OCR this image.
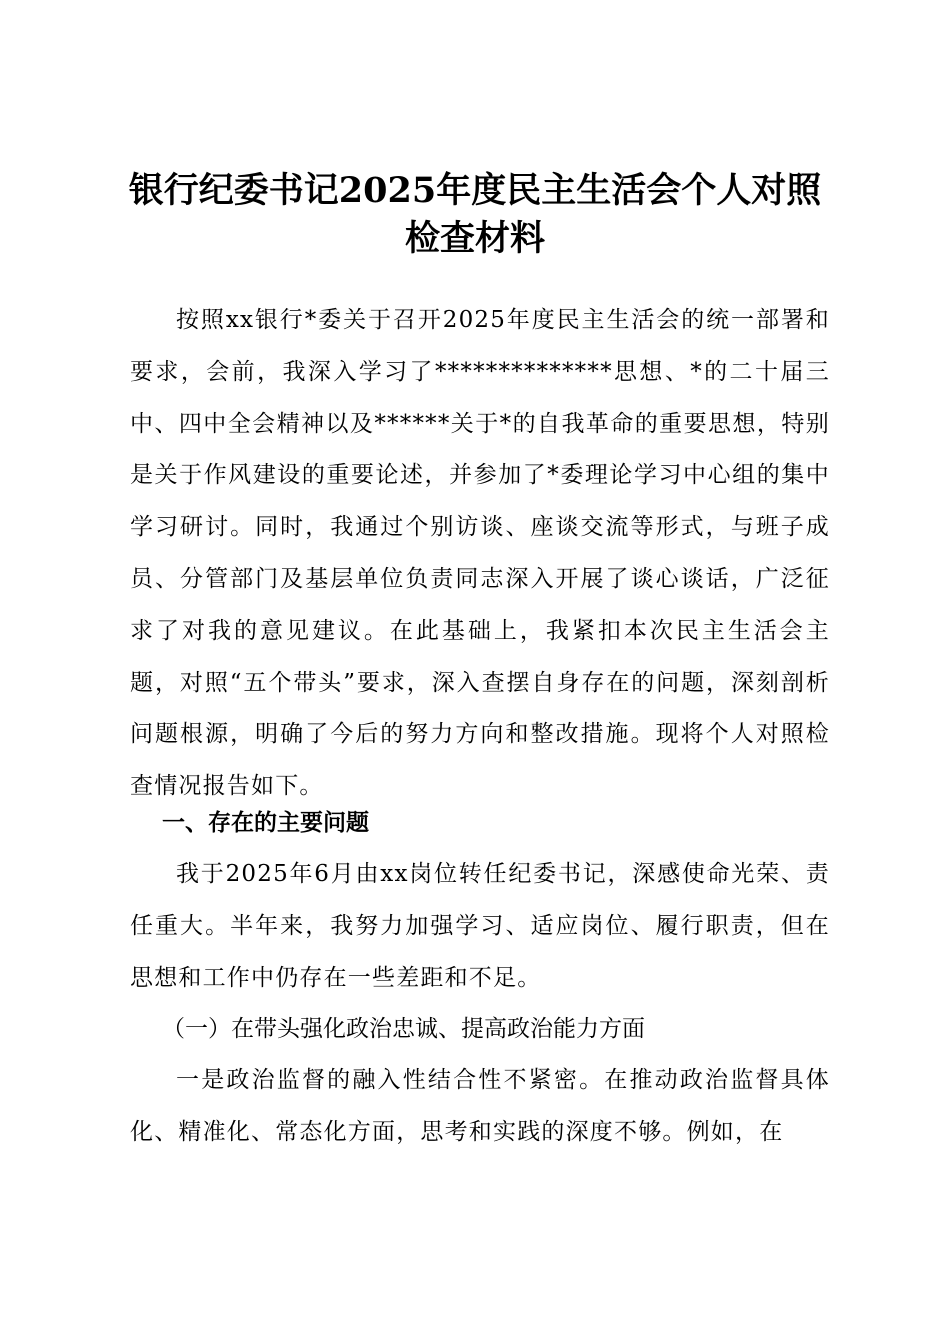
银行纪委书记2025年度民主生活会个人对照
检查材料

按照xx银行*委关于召开2025年度民主生活会的统一部署和要求，会前，我深入学习了**************思想、*的二十届三中、四中全会精神以及******关于*的自我革命的重要思想，特别是关于作风建设的重要论述，并参加了*委理论学习中心组的集中学习研讨。同时，我通过个别访谈、座谈交流等形式，与班子成员、分管部门及基层单位负责同志深入开展了谈心谈话，广泛征求了对我的意见建议。在此基础上，我紧扣本次民主生活会主题，对照“五个带头”要求，深入查摆自身存在的问题，深刻剖析问题根源，明确了今后的努力方向和整改措施。现将个人对照检查情况报告如下。

一、存在的主要问题

我于2025年6月由xx岗位转任纪委书记，深感使命光荣、责任重大。半年来，我努力加强学习、适应岗位、履行职责，但在思想和工作中仍存在一些差距和不足。

（一）在带头强化政治忠诚、提高政治能力方面

一是政治监督的融入性结合性不紧密。在推动政治监督具体化、精准化、常态化方面，思考和实践的深度不够。例如，在
